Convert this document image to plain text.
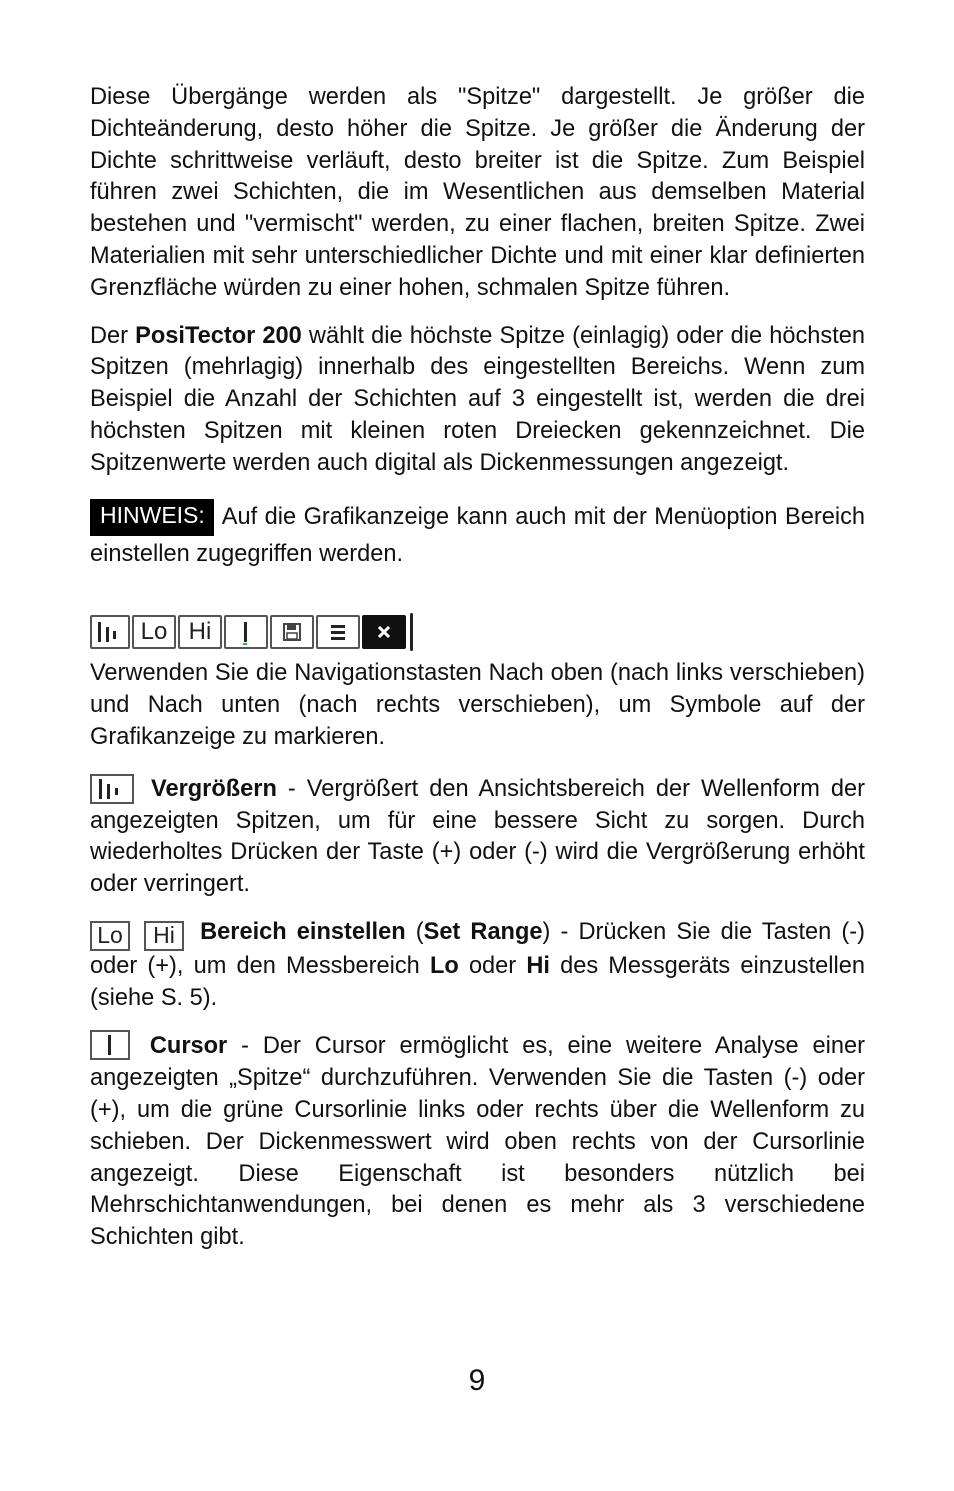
Diese Übergänge werden als "Spitze" dargestellt. Je größer die Dichteänderung, desto höher die Spitze. Je größer die Änderung der Dichte schrittweise verläuft, desto breiter ist die Spitze. Zum Beispiel führen zwei Schichten, die im Wesentlichen aus demselben Material bestehen und "vermischt" werden, zu einer flachen, breiten Spitze. Zwei Materialien mit sehr unterschiedlicher Dichte und mit einer klar definierten Grenzfläche würden zu einer hohen, schmalen Spitze führen.

Der PosiTector 200 wählt die höchste Spitze (einlagig) oder die höchsten Spitzen (mehrlagig) innerhalb des eingestellten Bereichs. Wenn zum Beispiel die Anzahl der Schichten auf 3 eingestellt ist, werden die drei höchsten Spitzen mit kleinen roten Dreiecken gekennzeichnet. Die Spitzenwerte werden auch digital als Dickenmessungen angezeigt.

HINWEIS: Auf die Grafikanzeige kann auch mit der Menüoption Bereich einstellen zugegriffen werden.

Lo Hi

Verwenden Sie die Navigationstasten Nach oben (nach links verschieben) und Nach unten (nach rechts verschieben), um Symbole auf der Grafikanzeige zu markieren.

Vergrößern - Vergrößert den Ansichtsbereich der Wellenform der angezeigten Spitzen, um für eine bessere Sicht zu sorgen. Durch wiederholtes Drücken der Taste (+) oder (-) wird die Vergrößerung erhöht oder verringert.

Lo Hi Bereich einstellen (Set Range) - Drücken Sie die Tasten (-) oder (+), um den Messbereich Lo oder Hi des Messgeräts einzustellen (siehe S. 5).

Cursor - Der Cursor ermöglicht es, eine weitere Analyse einer angezeigten „Spitze“ durchzuführen. Verwenden Sie die Tasten (-) oder (+), um die grüne Cursorlinie links oder rechts über die Wellenform zu schieben. Der Dickenmesswert wird oben rechts von der Cursorlinie angezeigt. Diese Eigenschaft ist besonders nützlich bei Mehrschichtanwendungen, bei denen es mehr als 3 verschiedene Schichten gibt.

9
